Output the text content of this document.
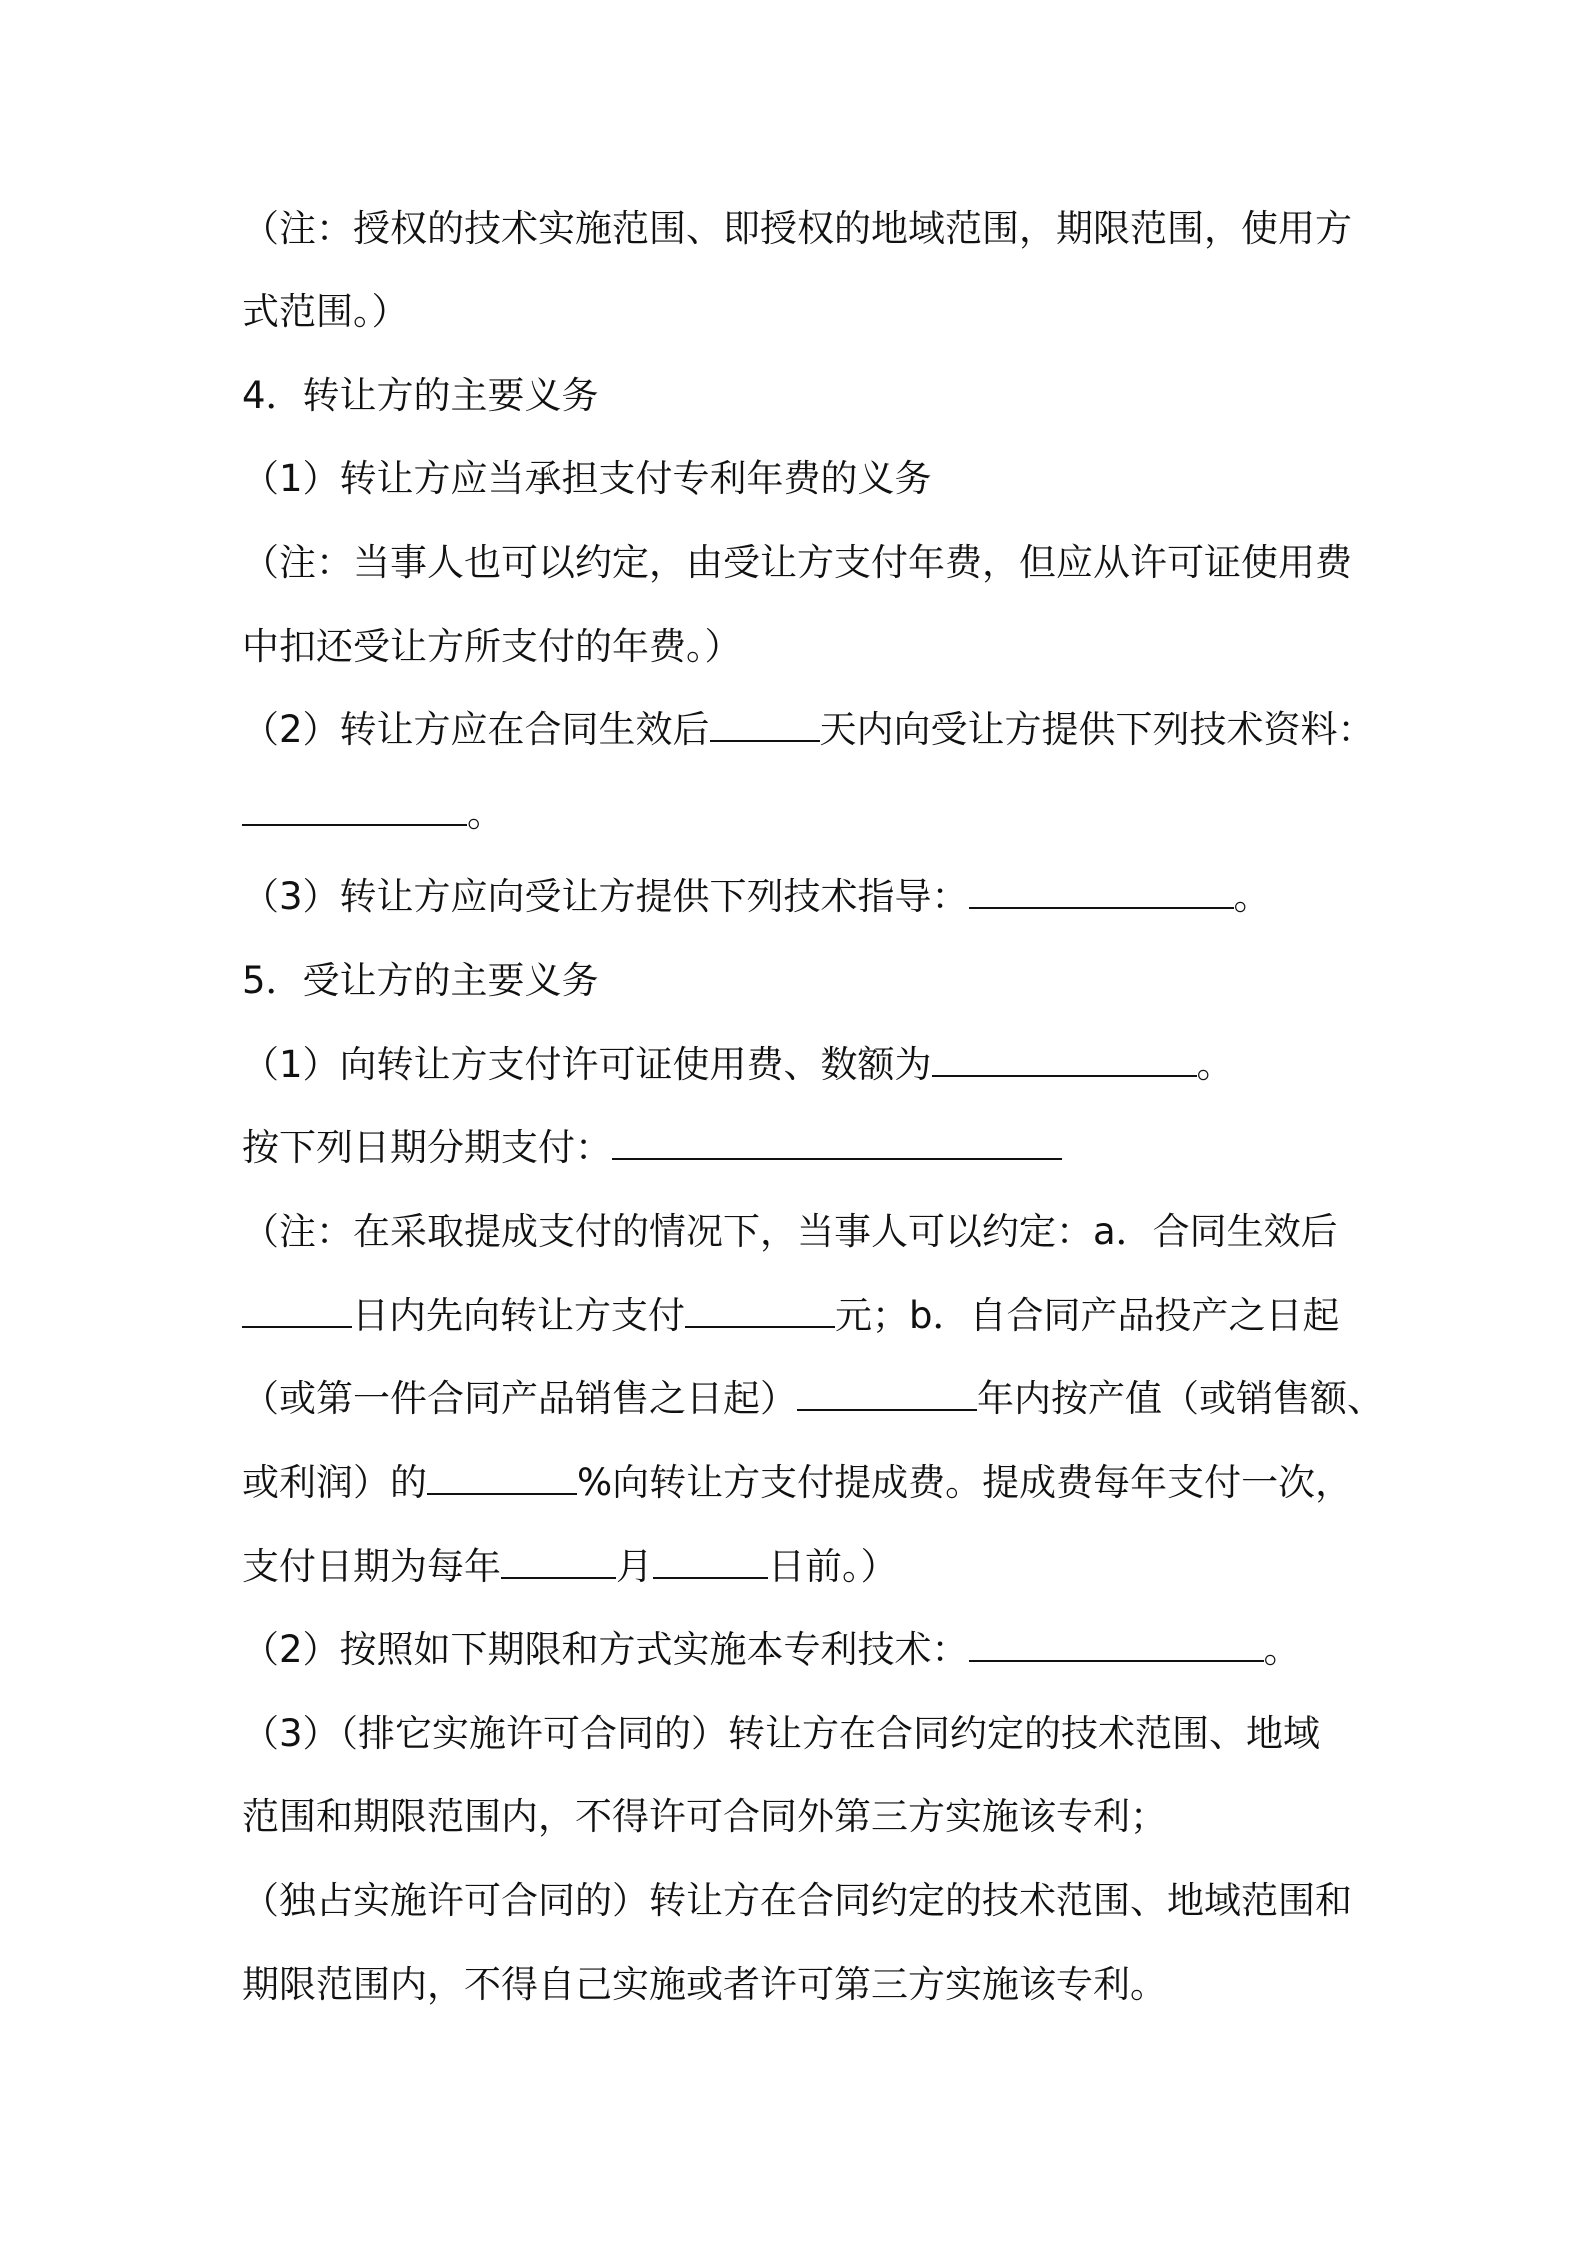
（注：授权的技术实施范围、即授权的地域范围，期限范围，使用方
式范围。）
4．转让方的主要义务
（1）转让方应当承担支付专利年费的义务
（注：当事人也可以约定，由受让方支付年费，但应从许可证使用费
中扣还受让方所支付的年费。）
（2）转让方应在合同生效后	天内向受让方提供下列技术资料：
。
（3）转让方应向受让方提供下列技术指导：	。
5．受让方的主要义务
（1）向转让方支付许可证使用费、数额为	。
按下列日期分期支付：
（注：在采取提成支付的情况下，当事人可以约定：a．合同生效后
日内先向转让方支付	元；b．自合同产品投产之日起
（或第一件合同产品销售之日起）	年内按产值（或销售额、
或利润）的	%向转让方支付提成费。提成费每年支付一次，
支付日期为每年	月	日前。）
（2）按照如下期限和方式实施本专利技术：	。
（3）（排它实施许可合同的）转让方在合同约定的技术范围、地域
范围和期限范围内，不得许可合同外第三方实施该专利；
（独占实施许可合同的）转让方在合同约定的技术范围、地域范围和
期限范围内，不得自己实施或者许可第三方实施该专利。
